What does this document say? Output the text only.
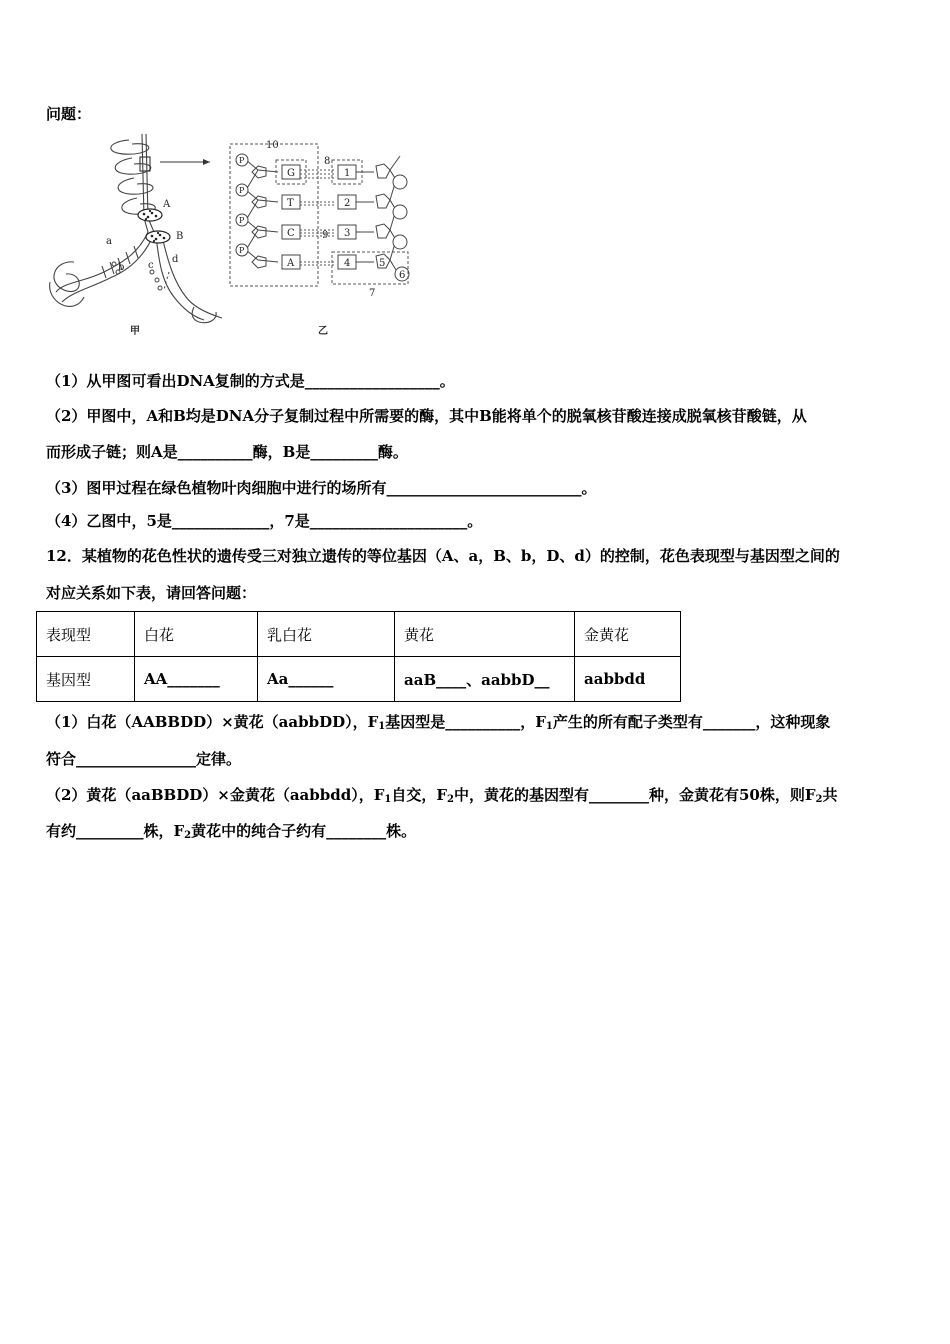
问题：
A
B
a
b c
d
甲
10
P
P
P
P
G
T
C
A
8
9
1
2
3
4	5
6
7
乙
（1）从甲图可看出DNA复制的方式是__________________。
（2）甲图中，A和B均是DNA分子复制过程中所需要的酶，其中B能将单个的脱氧核苷酸连接成脱氧核苷酸链，从
而形成子链；则A是__________酶，B是_________酶。
（3）图甲过程在绿色植物叶肉细胞中进行的场所有__________________________。
（4）乙图中，5是_____________，7是_____________________。
12．某植物的花色性状的遗传受三对独立遗传的等位基因（A、a，B、b，D、d）的控制，花色表现型与基因型之间的
对应关系如下表，请回答问题：
表现型	白花	乳白花	黄花	金黄花
基因型	AA_______	Aa______	aaB____、aabbD__	aabbdd
（1）白花（AABBDD）×黄花（aabbDD），$F_1$基因型是__________，$F_1$产生的所有配子类型有_______，这种现象
符合________________定律。
（2）黄花（aaBBDD）×金黄花（aabbdd），$F_1$自交，$F_2$中，黄花的基因型有________种，金黄花有50株，则$F_2$共
有约_________株，$F_2$黄花中的纯合子约有________株。
